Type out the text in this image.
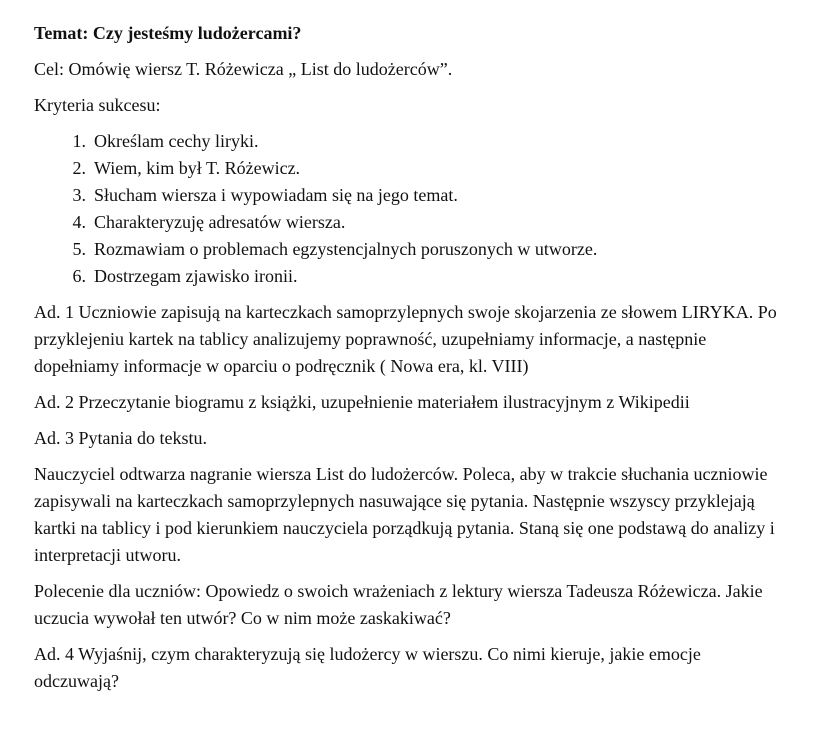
Temat: Czy jesteśmy ludożercami?

Cel: Omówię wiersz T. Różewicza „ List do ludożerców”.

Kryteria sukcesu:

1. Określam cechy liryki.
2. Wiem, kim był T. Różewicz.
3. Słucham wiersza i wypowiadam się na jego temat.
4. Charakteryzuję adresatów wiersza.
5. Rozmawiam o problemach egzystencjalnych poruszonych w utworze.
6. Dostrzegam zjawisko ironii.

Ad. 1 Uczniowie zapisują na karteczkach samoprzylepnych swoje skojarzenia ze słowem LIRYKA. Po przyklejeniu kartek na tablicy analizujemy poprawność, uzupełniamy informacje, a następnie dopełniamy informacje w oparciu o podręcznik ( Nowa era, kl. VIII)

Ad. 2 Przeczytanie biogramu z książki, uzupełnienie materiałem ilustracyjnym z Wikipedii

Ad. 3 Pytania do tekstu.

Nauczyciel odtwarza nagranie wiersza List do ludożerców. Poleca, aby w trakcie słuchania uczniowie zapisywali na karteczkach samoprzylepnych nasuwające się pytania. Następnie wszyscy przyklejają kartki na tablicy i pod kierunkiem nauczyciela porządkują pytania. Staną się one podstawą do analizy i interpretacji utworu.

Polecenie dla uczniów: Opowiedz o swoich wrażeniach z lektury wiersza Tadeusza Różewicza. Jakie uczucia wywołał ten utwór? Co w nim może zaskakiwać?

Ad. 4 Wyjaśnij, czym charakteryzują się ludożercy w wierszu. Co nimi kieruje, jakie emocje odczuwają?
